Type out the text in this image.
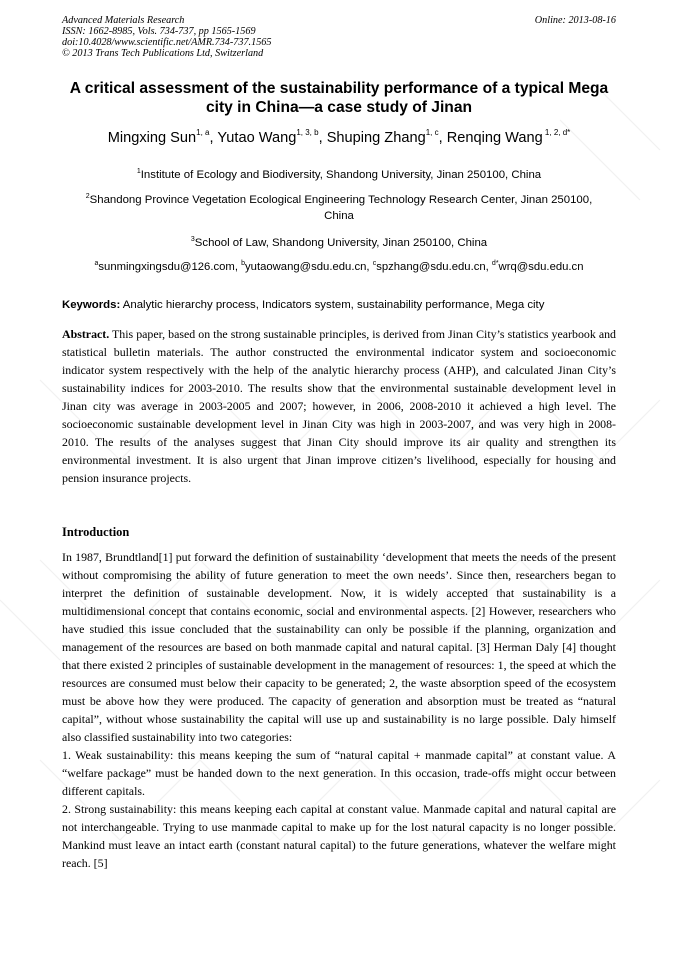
Advanced Materials Research
ISSN: 1662-8985, Vols. 734-737, pp 1565-1569
doi:10.4028/www.scientific.net/AMR.734-737.1565
© 2013 Trans Tech Publications Ltd, Switzerland
Online: 2013-08-16
A critical assessment of the sustainability performance of a typical Mega city in China—a case study of Jinan
Mingxing Sun$^{1, a}$, Yutao Wang$^{1, 3, b}$, Shuping Zhang$^{1, c}$, Renqing Wang $^{1, 2, d*}$
$^1$Institute of Ecology and Biodiversity, Shandong University, Jinan 250100, China
$^2$Shandong Province Vegetation Ecological Engineering Technology Research Center, Jinan 250100, China
$^3$School of Law, Shandong University, Jinan 250100, China
$^a$sunmingxingsdu@126.com, $^b$yutaowang@sdu.edu.cn, $^c$spzhang@sdu.edu.cn, $^{d*}$wrq@sdu.edu.cn
Keywords: Analytic hierarchy process, Indicators system, sustainability performance, Mega city
Abstract. This paper, based on the strong sustainable principles, is derived from Jinan City’s statistics yearbook and statistical bulletin materials. The author constructed the environmental indicator system and socioeconomic indicator system respectively with the help of the analytic hierarchy process (AHP), and calculated Jinan City’s sustainability indices for 2003-2010. The results show that the environmental sustainable development level in Jinan city was average in 2003-2005 and 2007; however, in 2006, 2008-2010 it achieved a high level. The socioeconomic sustainable development level in Jinan City was high in 2003-2007, and was very high in 2008-2010. The results of the analyses suggest that Jinan City should improve its air quality and strengthen its environmental investment. It is also urgent that Jinan improve citizen’s livelihood, especially for housing and pension insurance projects.
Introduction

In 1987, Brundtland[1] put forward the definition of sustainability ‘development that meets the needs of the present without compromising the ability of future generation to meet the own needs’. Since then, researchers began to interpret the definition of sustainable development. Now, it is widely accepted that sustainability is a multidimensional concept that contains economic, social and environmental aspects. [2] However, researchers who have studied this issue concluded that the sustainability can only be possible if the planning, organization and management of the resources are based on both manmade capital and natural capital. [3] Herman Daly [4] thought that there existed 2 principles of sustainable development in the management of resources: 1, the speed at which the resources are consumed must below their capacity to be generated; 2, the waste absorption speed of the ecosystem must be above how they were produced. The capacity of generation and absorption must be treated as “natural capital”, without whose sustainability the capital will use up and sustainability is no large possible. Daly himself also classified sustainability into two categories:

1. Weak sustainability: this means keeping the sum of “natural capital + manmade capital” at constant value. A “welfare package” must be handed down to the next generation. In this occasion, trade-offs might occur between different capitals.

2. Strong sustainability: this means keeping each capital at constant value. Manmade capital and natural capital are not interchangeable. Trying to use manmade capital to make up for the lost natural capacity is no longer possible. Mankind must leave an intact earth (constant natural capital) to the future generations, whatever the welfare might reach. [5]
